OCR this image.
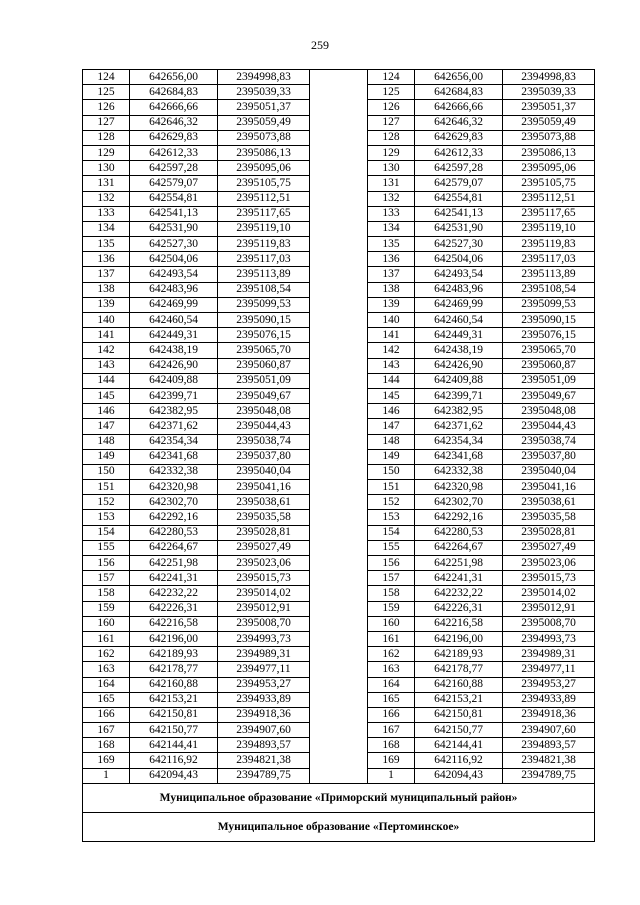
259
124	642656,00	2394998,83		124	642656,00	2394998,83
125	642684,83	2395039,33		125	642684,83	2395039,33
126	642666,66	2395051,37		126	642666,66	2395051,37
127	642646,32	2395059,49		127	642646,32	2395059,49
128	642629,83	2395073,88		128	642629,83	2395073,88
129	642612,33	2395086,13		129	642612,33	2395086,13
130	642597,28	2395095,06		130	642597,28	2395095,06
131	642579,07	2395105,75		131	642579,07	2395105,75
132	642554,81	2395112,51		132	642554,81	2395112,51
133	642541,13	2395117,65		133	642541,13	2395117,65
134	642531,90	2395119,10		134	642531,90	2395119,10
135	642527,30	2395119,83		135	642527,30	2395119,83
136	642504,06	2395117,03		136	642504,06	2395117,03
137	642493,54	2395113,89		137	642493,54	2395113,89
138	642483,96	2395108,54		138	642483,96	2395108,54
139	642469,99	2395099,53		139	642469,99	2395099,53
140	642460,54	2395090,15		140	642460,54	2395090,15
141	642449,31	2395076,15		141	642449,31	2395076,15
142	642438,19	2395065,70		142	642438,19	2395065,70
143	642426,90	2395060,87		143	642426,90	2395060,87
144	642409,88	2395051,09		144	642409,88	2395051,09
145	642399,71	2395049,67		145	642399,71	2395049,67
146	642382,95	2395048,08		146	642382,95	2395048,08
147	642371,62	2395044,43		147	642371,62	2395044,43
148	642354,34	2395038,74		148	642354,34	2395038,74
149	642341,68	2395037,80		149	642341,68	2395037,80
150	642332,38	2395040,04		150	642332,38	2395040,04
151	642320,98	2395041,16		151	642320,98	2395041,16
152	642302,70	2395038,61		152	642302,70	2395038,61
153	642292,16	2395035,58		153	642292,16	2395035,58
154	642280,53	2395028,81		154	642280,53	2395028,81
155	642264,67	2395027,49		155	642264,67	2395027,49
156	642251,98	2395023,06		156	642251,98	2395023,06
157	642241,31	2395015,73		157	642241,31	2395015,73
158	642232,22	2395014,02		158	642232,22	2395014,02
159	642226,31	2395012,91		159	642226,31	2395012,91
160	642216,58	2395008,70		160	642216,58	2395008,70
161	642196,00	2394993,73		161	642196,00	2394993,73
162	642189,93	2394989,31		162	642189,93	2394989,31
163	642178,77	2394977,11		163	642178,77	2394977,11
164	642160,88	2394953,27		164	642160,88	2394953,27
165	642153,21	2394933,89		165	642153,21	2394933,89
166	642150,81	2394918,36		166	642150,81	2394918,36
167	642150,77	2394907,60		167	642150,77	2394907,60
168	642144,41	2394893,57		168	642144,41	2394893,57
169	642116,92	2394821,38		169	642116,92	2394821,38
1	642094,43	2394789,75		1	642094,43	2394789,75
Муниципальное образование «Приморский муниципальный район»						
Муниципальное образование «Пертоминское»						
